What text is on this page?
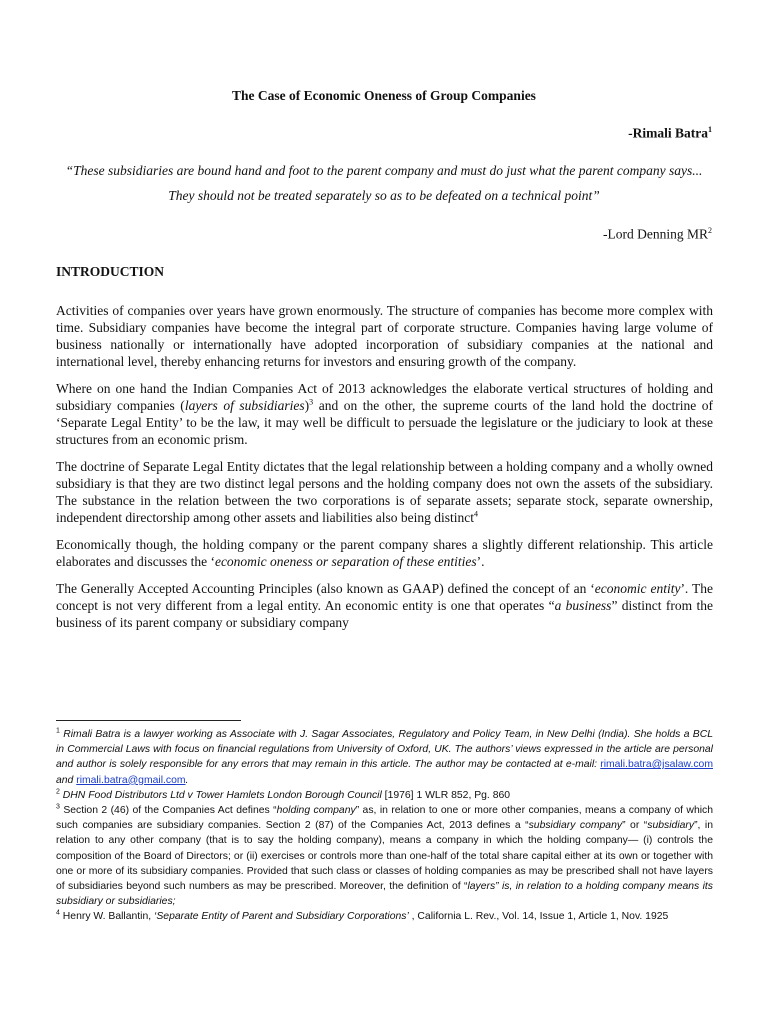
The Case of Economic Oneness of Group Companies
-Rimali Batra$^1$
“These subsidiaries are bound hand and foot to the parent company and must do just what the parent company says... They should not be treated separately so as to be defeated on a technical point”
-Lord Denning $MR^2$
INTRODUCTION

Activities of companies over years have grown enormously. The structure of companies has become more complex with time. Subsidiary companies have become the integral part of corporate structure. Companies having large volume of business nationally or internationally have adopted incorporation of subsidiary companies at the national and international level, thereby enhancing returns for investors and ensuring growth of the company.

Where on one hand the Indian Companies Act of 2013 acknowledges the elaborate vertical structures of holding and subsidiary companies (layers of subsidiaries)$^3$ and on the other, the supreme courts of the land hold the doctrine of ‘Separate Legal Entity’ to be the law, it may well be difficult to persuade the legislature or the judiciary to look at these structures from an economic prism.

The doctrine of Separate Legal Entity dictates that the legal relationship between a holding company and a wholly owned subsidiary is that they are two distinct legal persons and the holding company does not own the assets of the subsidiary. The substance in the relation between the two corporations is of separate assets; separate stock, separate ownership, independent directorship among other assets and liabilities also being distinct$^4$

Economically though, the holding company or the parent company shares a slightly different relationship. This article elaborates and discusses the ‘economic oneness or separation of these entities’.

The Generally Accepted Accounting Principles (also known as GAAP) defined the concept of an ‘economic entity’. The concept is not very different from a legal entity. An economic entity is one that operates “a business” distinct from the business of its parent company or subsidiary company

$^1$ Rimali Batra is a lawyer working as Associate with J. Sagar Associates, Regulatory and Policy Team, in New Delhi (India). She holds a BCL in Commercial Laws with focus on financial regulations from University of Oxford, UK. The authors’ views expressed in the article are personal and author is solely responsible for any errors that may remain in this article. The author may be contacted at e-mail: rimali.batra@jsalaw.com and rimali.batra@gmail.com.

$^2$ DHN Food Distributors Ltd v Tower Hamlets London Borough Council [1976] 1 WLR 852, Pg. 860

$^3$ Section 2 (46) of the Companies Act defines “holding company” as, in relation to one or more other companies, means a company of which such companies are subsidiary companies. Section 2 (87) of the Companies Act, 2013 defines a “subsidiary company” or “subsidiary”, in relation to any other company (that is to say the holding company), means a company in which the holding company— (i) controls the composition of the Board of Directors; or (ii) exercises or controls more than one-half of the total share capital either at its own or together with one or more of its subsidiary companies. Provided that such class or classes of holding companies as may be prescribed shall not have layers of subsidiaries beyond such numbers as may be prescribed. Moreover, the definition of “layers” is, in relation to a holding company means its subsidiary or subsidiaries;

$^4$ Henry W. Ballantin, ‘Separate Entity of Parent and Subsidiary Corporations’ , California L. Rev., Vol. 14, Issue 1, Article 1, Nov. 1925
